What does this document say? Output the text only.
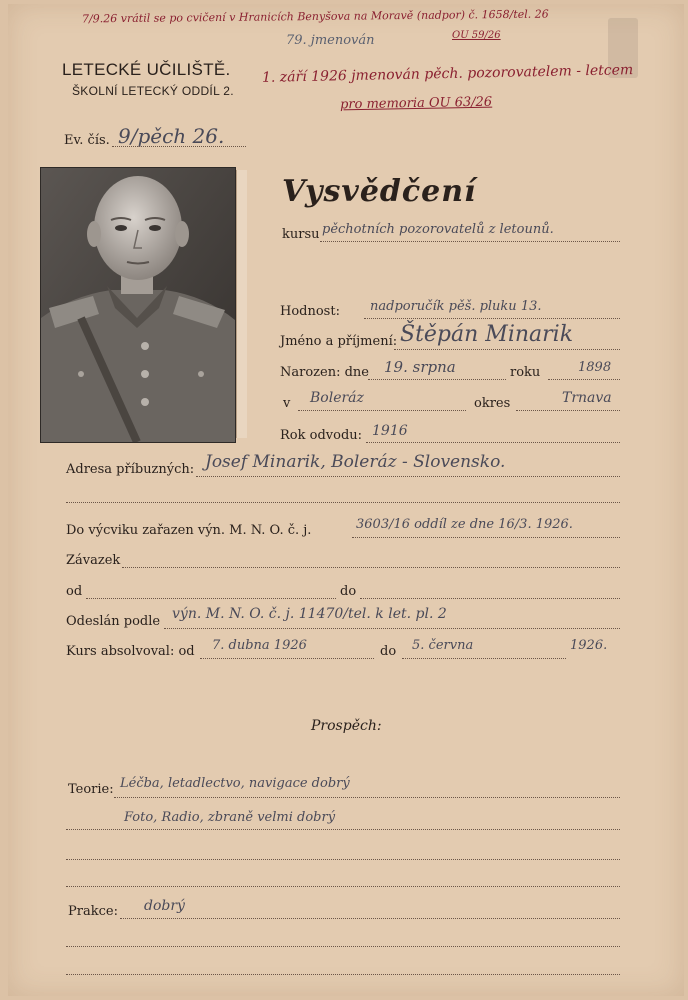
7/9.26 vrátil se po cvičení v Hranicích Benyšova na Moravě (nadpor) č. 1658/tel. 26
OU 59/26
79. jmenován
LETECKÉ UČILIŠTĚ.
ŠKOLNÍ LETECKÝ ODDÍL 2.
1. září 1926 jmenován pěch. pozorovatelem - letcem
pro memoria OU 63/26
Ev. čís. 9/pěch 26.
Vysvědčení
kursu pěchotních pozorovatelů z letounů.
Hodnost: nadporučík pěš. pluku 13.
Jméno a příjmení: Štěpán Minarik
Narozen: dne 19. srpna	roku	1898
v Boleráz	okres	Trnava
Rok odvodu: 1916
Adresa příbuzných: Josef Minarik, Boleráz - Slovensko.
Do výcviku zařazen výn. M. N. O. č. j.	3603/16 oddíl ze dne 16/3. 1926.
Závazek
od	do
Odeslán podle výn. M. N. O. č. j. 11470/tel. k let. pl. 2
Kurs absolvoval: od 7. dubna 1926	do 5. června	1926.
Prospěch:
Teorie: Léčba, letadlectvo, navigace dobrý
Foto, Radio, zbraně velmi dobrý
Prakce: dobrý
